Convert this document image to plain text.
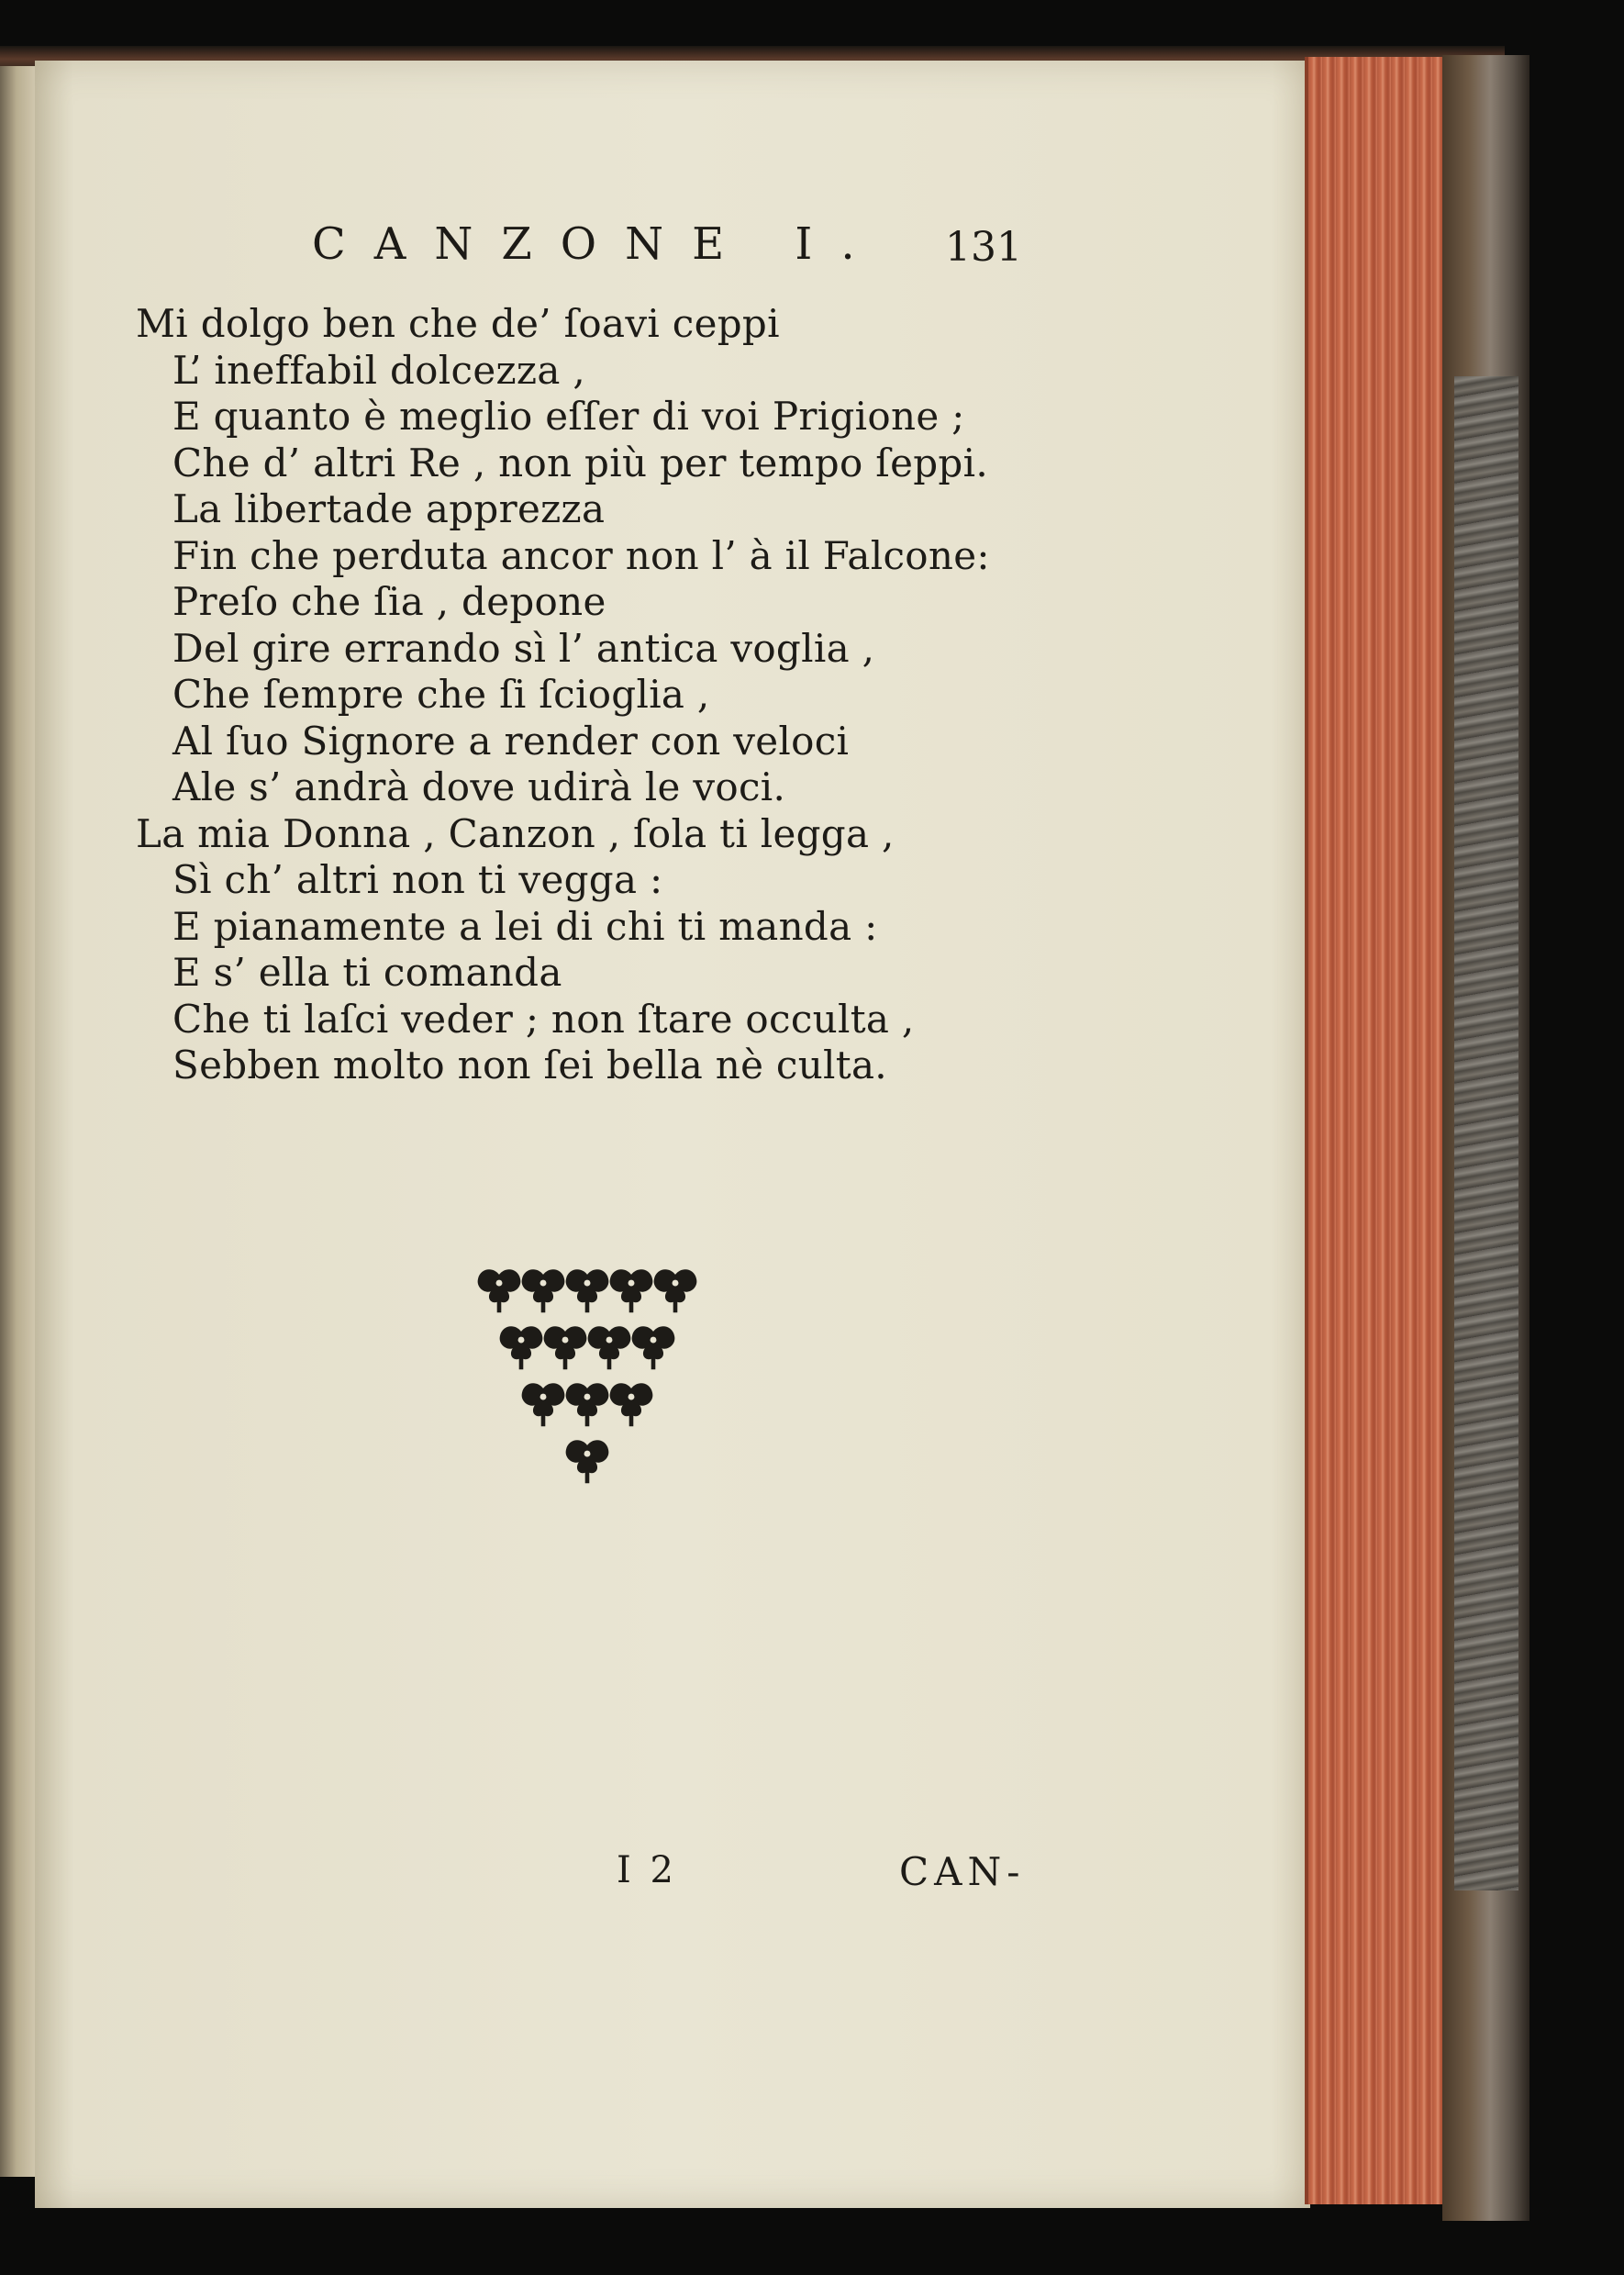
CANZONE I. 131
Mi dolgo ben che de’ ſoavi ceppi
L’ ineffabil dolcezza ,
E quanto è meglio eſſer di voi Prigione ;
Che d’ altri Re , non più per tempo ſeppi.
La libertade apprezza
Fin che perduta ancor non l’ à il Falcone:
Preſo che ſia , depone
Del gire errando sì l’ antica voglia ,
Che ſempre che ſi ſcioglia ,
Al ſuo Signore a render con veloci
Ale s’ andrà dove udirà le voci.
La mia Donna , Canzon , ſola ti legga ,
Sì ch’ altri non ti vegga :
E pianamente a lei di chi ti manda :
E s’ ella ti comanda
Che ti laſci veder ; non ſtare occulta ,
Sebben molto non ſei bella nè culta.
I 2	CAN-
